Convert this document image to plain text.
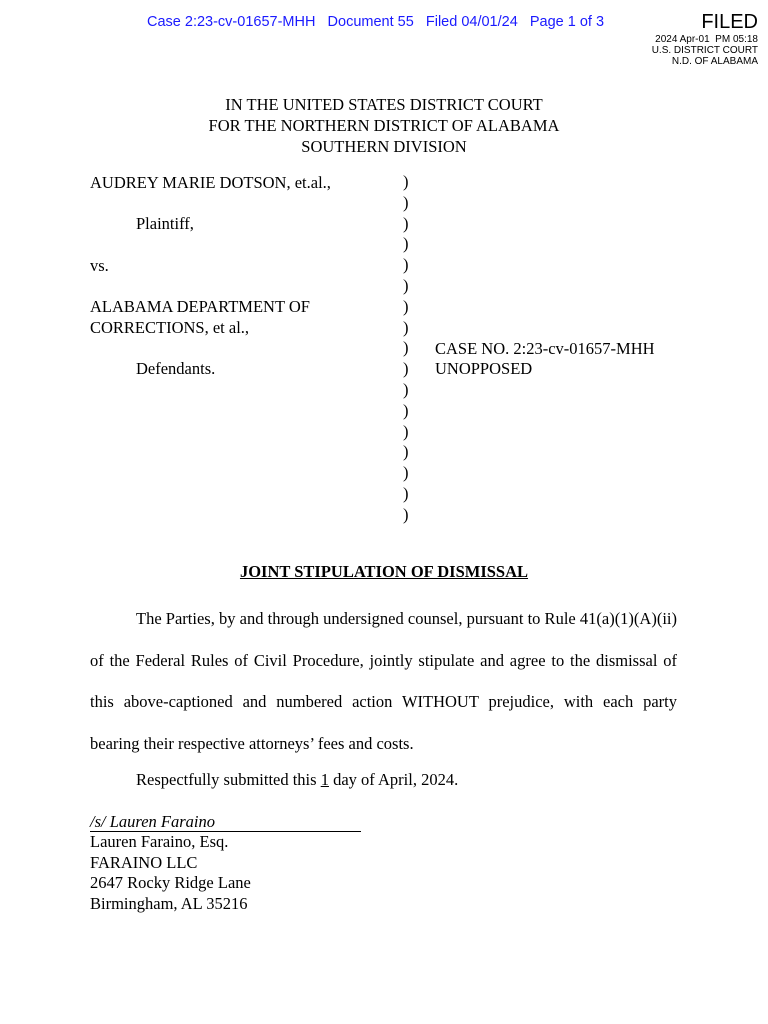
Case 2:23-cv-01657-MHH Document 55 Filed 04/01/24 Page 1 of 3	FILED
2024 Apr-01  PM 05:18
U.S. DISTRICT COURT
N.D. OF ALABAMA
IN THE UNITED STATES DISTRICT COURT
FOR THE NORTHERN DISTRICT OF ALABAMA
SOUTHERN DIVISION
AUDREY MARIE DOTSON, et.al.,
Plaintiff,
vs.
ALABAMA DEPARTMENT OF
CORRECTIONS, et al.,
Defendants.
CASE NO. 2:23-cv-01657-MHH
UNOPPOSED
)
)
)
)
)
)
)
)
)
)
)
)
)
)
)
)
)
JOINT STIPULATION OF DISMISSAL
The Parties, by and through undersigned counsel, pursuant to Rule 41(a)(1)(A)(ii) of the Federal Rules of Civil Procedure, jointly stipulate and agree to the dismissal of this above-captioned and numbered action WITHOUT prejudice, with each party bearing their respective attorneys’ fees and costs.
Respectfully submitted this 1 day of April, 2024.
/s/ Lauren Faraino
Lauren Faraino, Esq.
FARAINO LLC
2647 Rocky Ridge Lane
Birmingham, AL 35216
